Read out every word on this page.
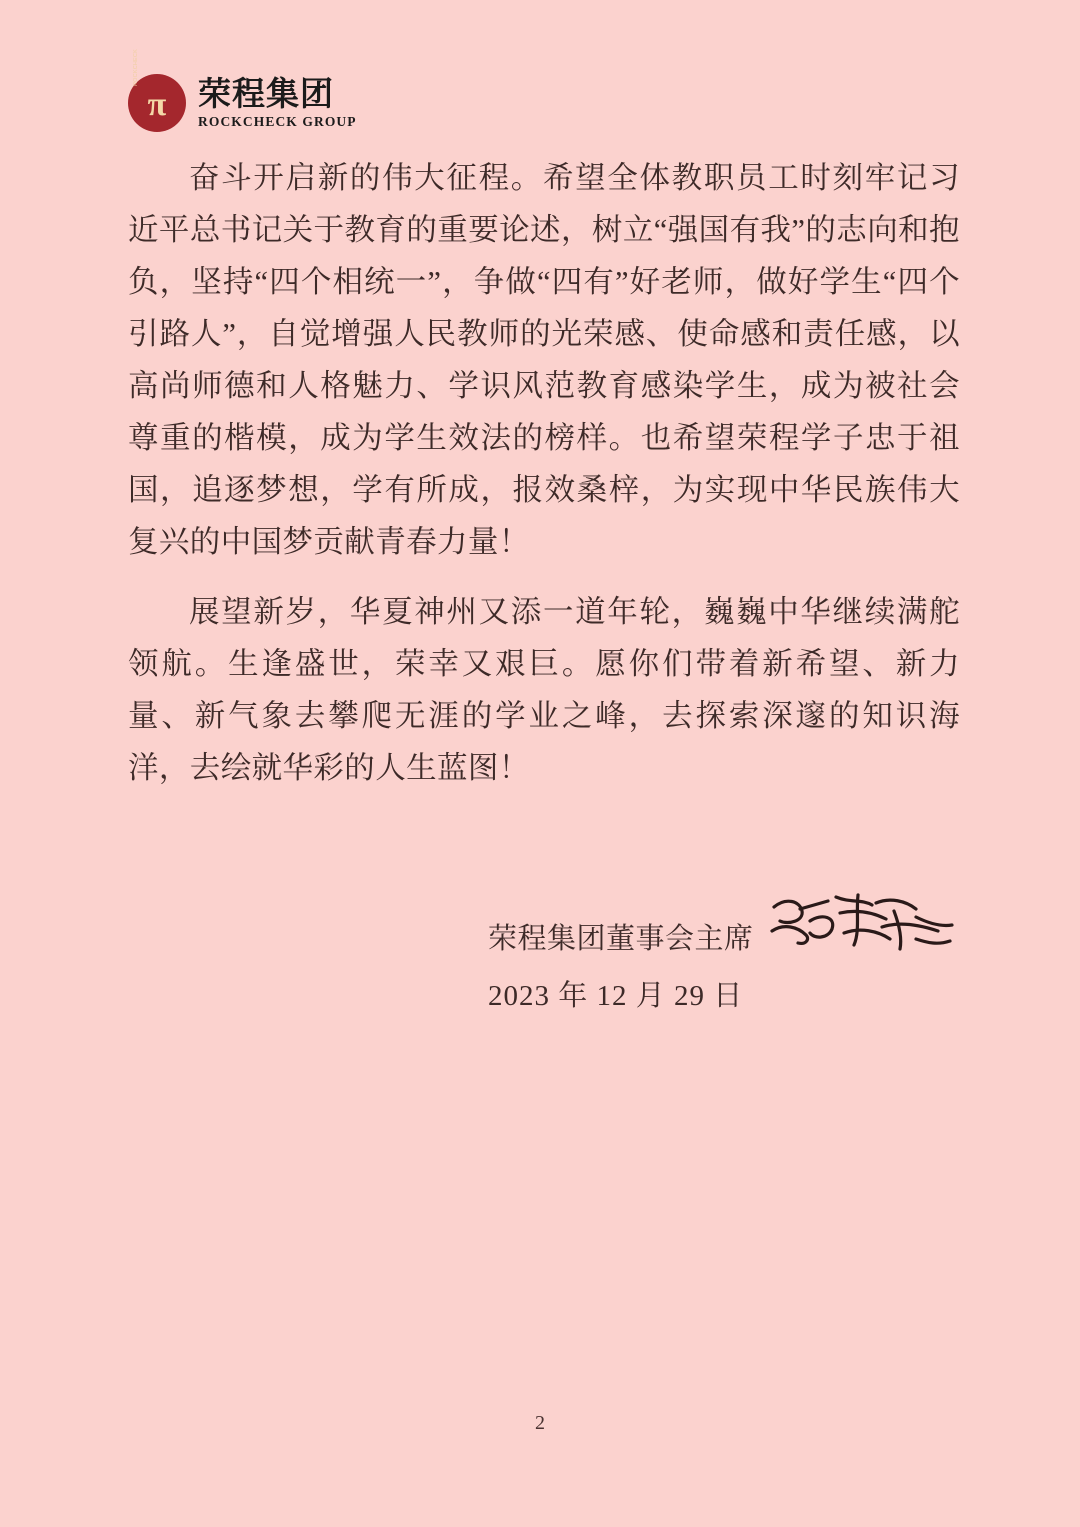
ROCKCHECK
π 荣程集团
ROCKCHECK GROUP

奋斗开启新的伟大征程。希望全体教职员工时刻牢记习近平总书记关于教育的重要论述，树立“强国有我”的志向和抱负，坚持“四个相统一”，争做“四有”好老师，做好学生“四个引路人”，自觉增强人民教师的光荣感、使命感和责任感，以高尚师德和人格魅力、学识风范教育感染学生，成为被社会尊重的楷模，成为学生效法的榜样。也希望荣程学子忠于祖国，追逐梦想，学有所成，报效桑梓，为实现中华民族伟大复兴的中国梦贡献青春力量！

展望新岁，华夏神州又添一道年轮，巍巍中华继续满舵领航。生逢盛世，荣幸又艰巨。愿你们带着新希望、新力量、新气象去攀爬无涯的学业之峰，去探索深邃的知识海洋，去绘就华彩的人生蓝图！

荣程集团董事会主席
2023 年 12 月 29 日
2
